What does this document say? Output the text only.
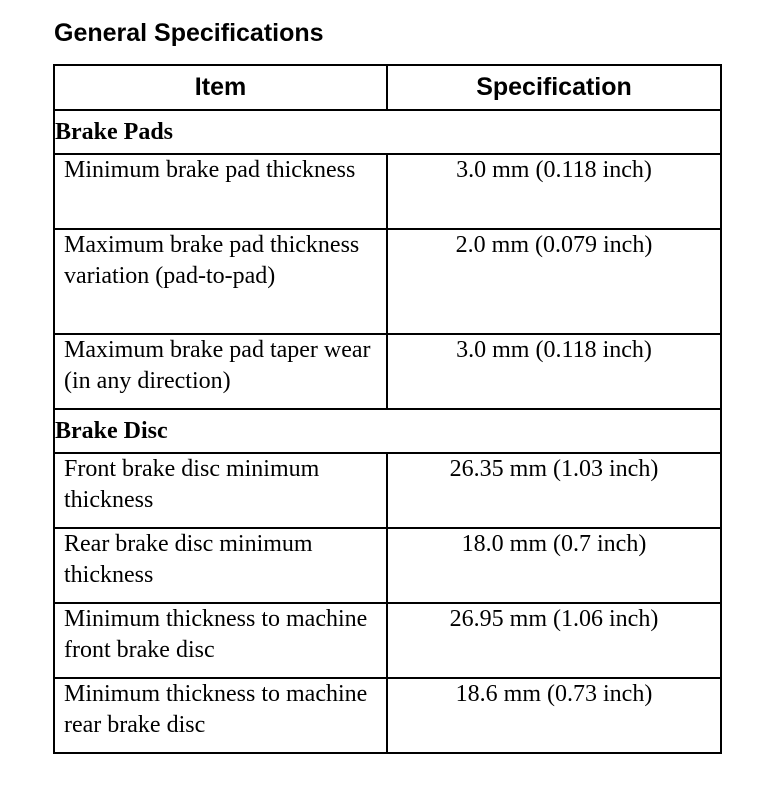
General Specifications
Item	Specification
Brake Pads	
Minimum brake pad thickness	3.0 mm (0.118 inch)
Maximum brake pad thickness variation (pad-to-pad)	2.0 mm (0.079 inch)
Maximum brake pad taper wear (in any direction)	3.0 mm (0.118 inch)
Brake Disc	
Front brake disc minimum thickness	26.35 mm (1.03 inch)
Rear brake disc minimum thickness	18.0 mm (0.7 inch)
Minimum thickness to machine front brake disc	26.95 mm (1.06 inch)
Minimum thickness to machine rear brake disc	18.6 mm (0.73 inch)
